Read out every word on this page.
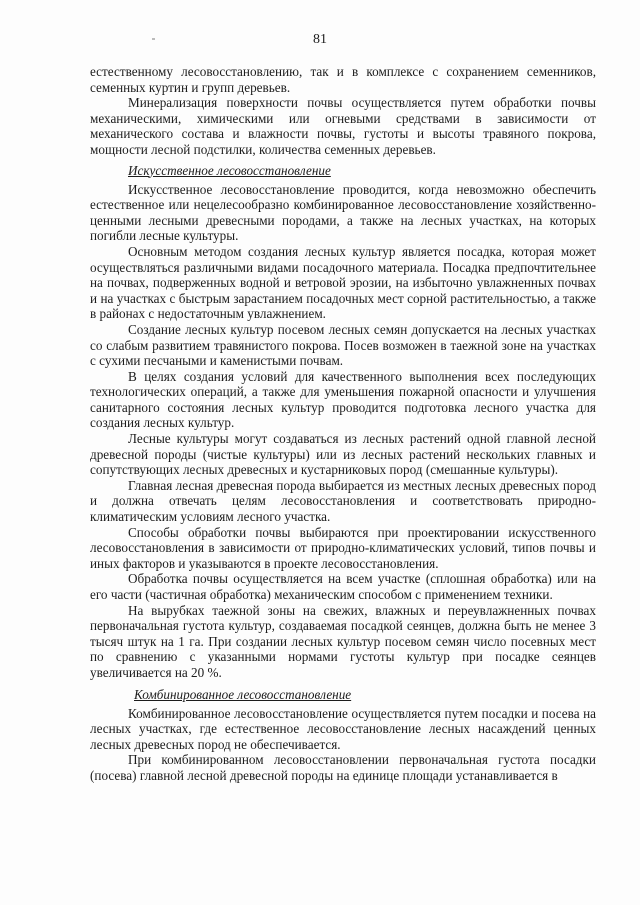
81

естественному лесовосстановлению, так и в комплексе с сохранением семенников, семенных куртин и групп деревьев.

Минерализация поверхности почвы осуществляется путем обработки почвы механическими, химическими или огневыми средствами в зависимости от механического состава и влажности почвы, густоты и высоты травяного покрова, мощности лесной подстилки, количества семенных деревьев.

Искусственное лесовосстановление

Искусственное лесовосстановление проводится, когда невозможно обеспечить естественное или нецелесообразно комбинированное лесовосстановление хозяйственно-ценными лесными древесными породами, а также на лесных участках, на которых погибли лесные культуры.

Основным методом создания лесных культур является посадка, которая может осуществляться различными видами посадочного материала. Посадка предпочтительнее на почвах, подверженных водной и ветровой эрозии, на избыточно увлажненных почвах и на участках с быстрым зарастанием посадочных мест сорной растительностью, а также в районах с недостаточным увлажнением.

Создание лесных культур посевом лесных семян допускается на лесных участках со слабым развитием травянистого покрова. Посев возможен в таежной зоне на участках с сухими песчаными и каменистыми почвам.

В целях создания условий для качественного выполнения всех последующих технологических операций, а также для уменьшения пожарной опасности и улучшения санитарного состояния лесных культур проводится подготовка лесного участка для создания лесных культур.

Лесные культуры могут создаваться из лесных растений одной главной лесной древесной породы (чистые культуры) или из лесных растений нескольких главных и сопутствующих лесных древесных и кустарниковых пород (смешанные культуры).

Главная лесная древесная порода выбирается из местных лесных древесных пород и должна отвечать целям лесовосстановления и соответствовать природно-климатическим условиям лесного участка.

Способы обработки почвы выбираются при проектировании искусственного лесовосстановления в зависимости от природно-климатических условий, типов почвы и иных факторов и указываются в проекте лесовосстановления.

Обработка почвы осуществляется на всем участке (сплошная обработка) или на его части (частичная обработка) механическим способом с применением техники.

На вырубках таежной зоны на свежих, влажных и переувлажненных почвах первоначальная густота культур, создаваемая посадкой сеянцев, должна быть не менее 3 тысяч штук на 1 га. При создании лесных культур посевом семян число посевных мест по сравнению с указанными нормами густоты культур при посадке сеянцев увеличивается на 20 %.

Комбинированное лесовосстановление

Комбинированное лесовосстановление осуществляется путем посадки и посева на лесных участках, где естественное лесовосстановление лесных насаждений ценных лесных древесных пород не обеспечивается.

При комбинированном лесовосстановлении первоначальная густота посадки (посева) главной лесной древесной породы на единице площади устанавливается в
